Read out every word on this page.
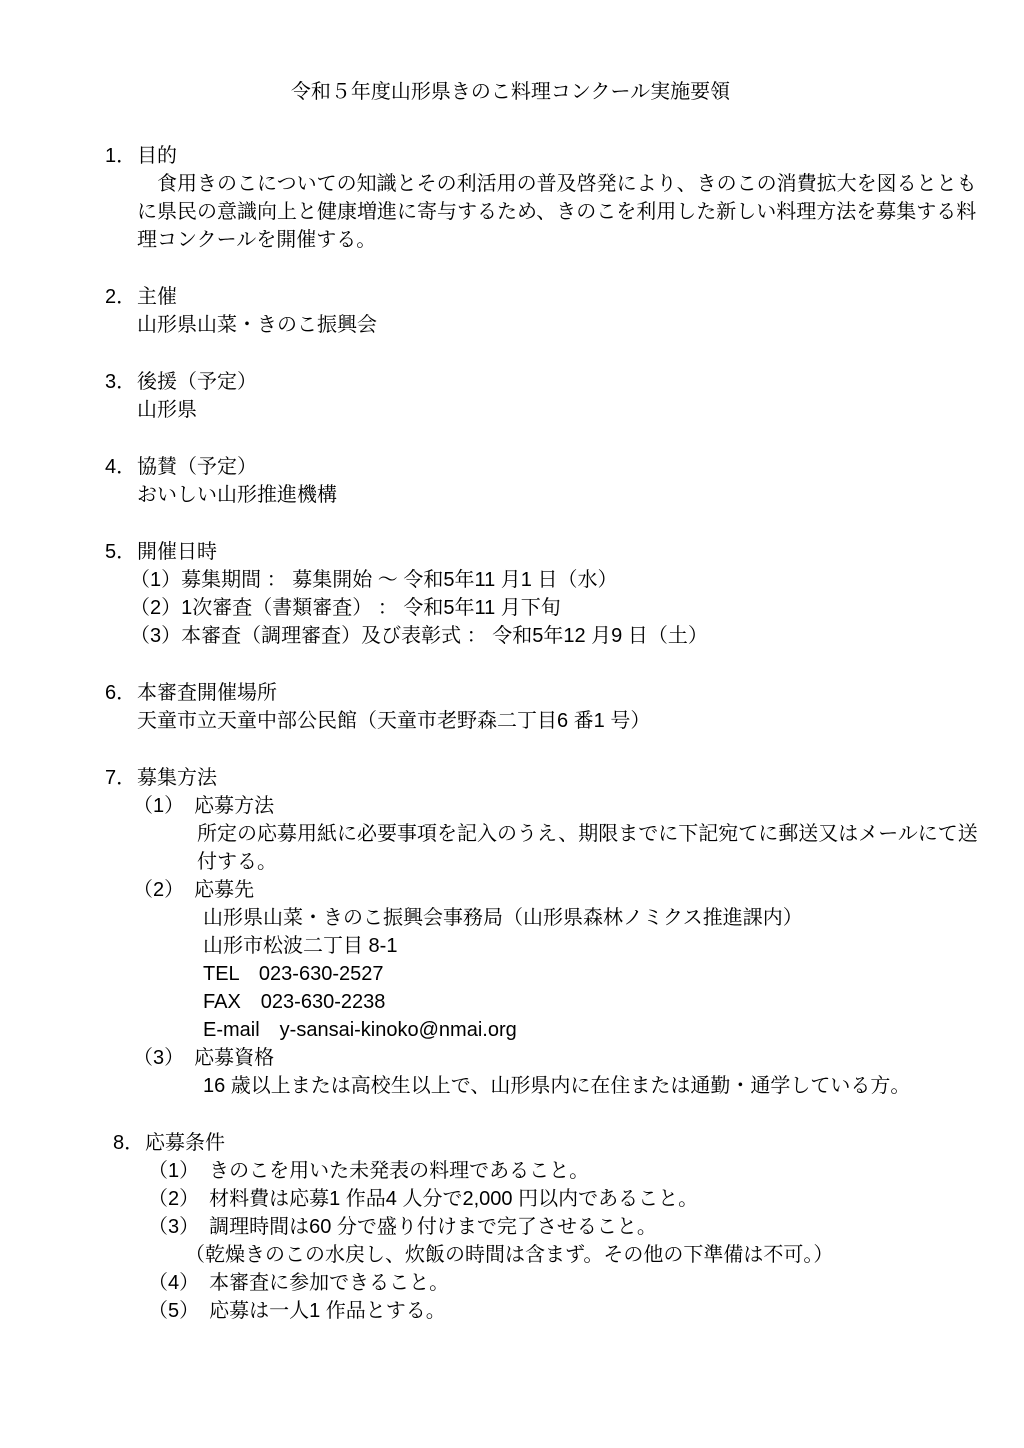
令和５年度山形県きのこ料理コンクール実施要領
1．目的
食用きのこについての知識とその利活用の普及啓発により、きのこの消費拡大を図るととも
に県民の意識向上と健康増進に寄与するため、きのこを利用した新しい料理方法を募集する料
理コンクールを開催する。
2．主催
山形県山菜・きのこ振興会
3．後援（予定）
山形県
4．協賛（予定）
おいしい山形推進機構
5．開催日時
（1）募集期間 ： 募集開始 ～ 令和5年11 月1 日（水）
（2）1次審査（書類審査） ： 令和5年11 月下旬
（3）本審査（調理審査）及び表彰式 ： 令和5年12 月9 日（土）
6．本審査開催場所
天童市立天童中部公民館（天童市老野森二丁目6 番1 号）
7．募集方法
（1）　応募方法
所定の応募用紙に必要事項を記入のうえ、期限までに下記宛てに郵送又はメールにて送
付する。
（2）　応募先
山形県山菜・きのこ振興会事務局（山形県森林ノミクス推進課内）
山形市松波二丁目 8-1
TEL　023-630-2527
FAX　023-630-2238
E-mail　y-sansai-kinoko@nmai.org
（3）　応募資格
16 歳以上または高校生以上で、山形県内に在住または通勤・通学している方。
8．応募条件
（1）　きのこを用いた未発表の料理であること。
（2）　材料費は応募1 作品4 人分で2,000 円以内であること。
（3）　調理時間は60 分で盛り付けまで完了させること。
（乾燥きのこの水戻し、炊飯の時間は含まず。その他の下準備は不可。）
（4）　本審査に参加できること。
（5）　応募は一人1 作品とする。
